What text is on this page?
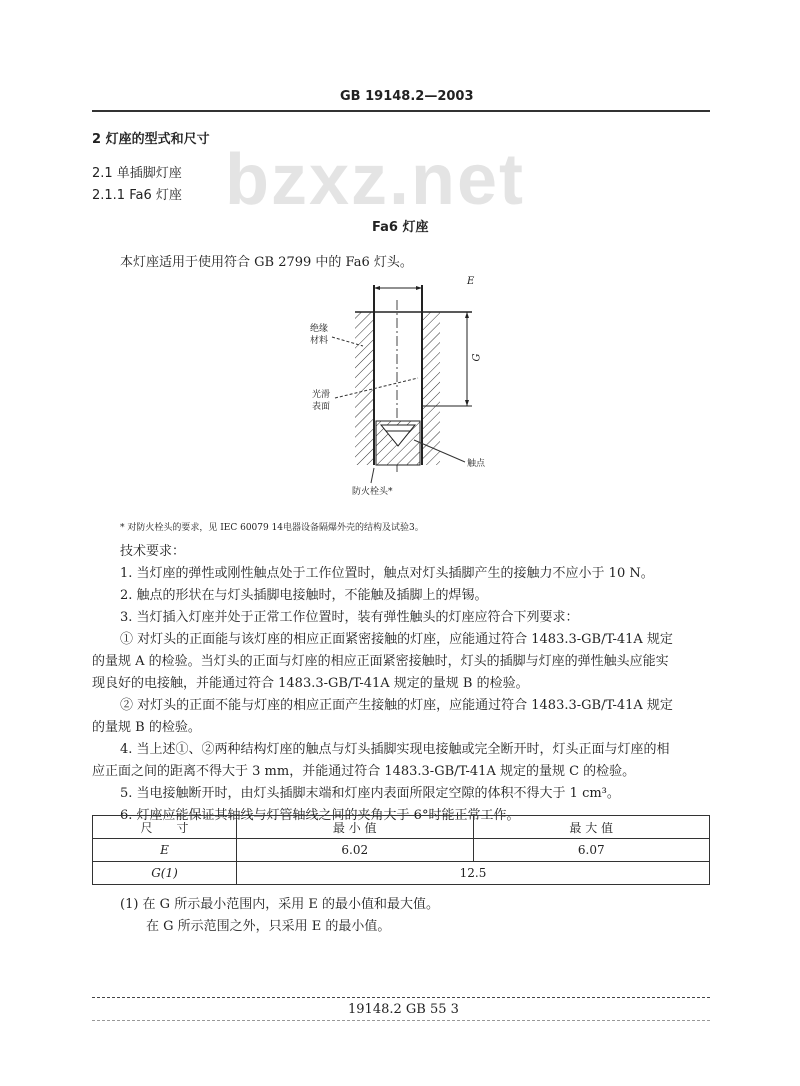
bzxz.net
GB 19148.2—2003
2 灯座的型式和尺寸
2.1 单插脚灯座
2.1.1 Fa6 灯座
Fa6 灯座
本灯座适用于使用符合 GB 2799 中的 Fa6 灯头。
E
G
绝缘
材料
光滑
表面
触点
防火栓头*
* 对防火栓头的要求，见 IEC 60079 14电器设备隔爆外壳的结构及试验3。
技术要求：
1. 当灯座的弹性或刚性触点处于工作位置时，触点对灯头插脚产生的接触力不应小于 10 N。
2. 触点的形状在与灯头插脚电接触时，不能触及插脚上的焊锡。
3. 当灯插入灯座并处于正常工作位置时，装有弹性触头的灯座应符合下列要求：
① 对灯头的正面能与该灯座的相应正面紧密接触的灯座，应能通过符合 1483.3-GB/T-41A 规定
的量规 A 的检验。当灯头的正面与灯座的相应正面紧密接触时，灯头的插脚与灯座的弹性触头应能实
现良好的电接触，并能通过符合 1483.3-GB/T-41A 规定的量规 B 的检验。
② 对灯头的正面不能与灯座的相应正面产生接触的灯座，应能通过符合 1483.3-GB/T-41A 规定
的量规 B 的检验。
4. 当上述①、②两种结构灯座的触点与灯头插脚实现电接触或完全断开时，灯头正面与灯座的相
应正面之间的距离不得大于 3 mm，并能通过符合 1483.3-GB/T-41A 规定的量规 C 的检验。
5. 当电接触断开时，由灯头插脚末端和灯座内表面所限定空隙的体积不得大于 1 cm³。
6. 灯座应能保证其轴线与灯管轴线之间的夹角大于 6°时能正常工作。
尺　　寸	最 小 值	最 大 值
E	6.02	6.07
G(1)	12.5	
(1) 在 G 所示最小范围内，采用 E 的最小值和最大值。
在 G 所示范围之外，只采用 E 的最小值。
19148.2 GB 55 3
